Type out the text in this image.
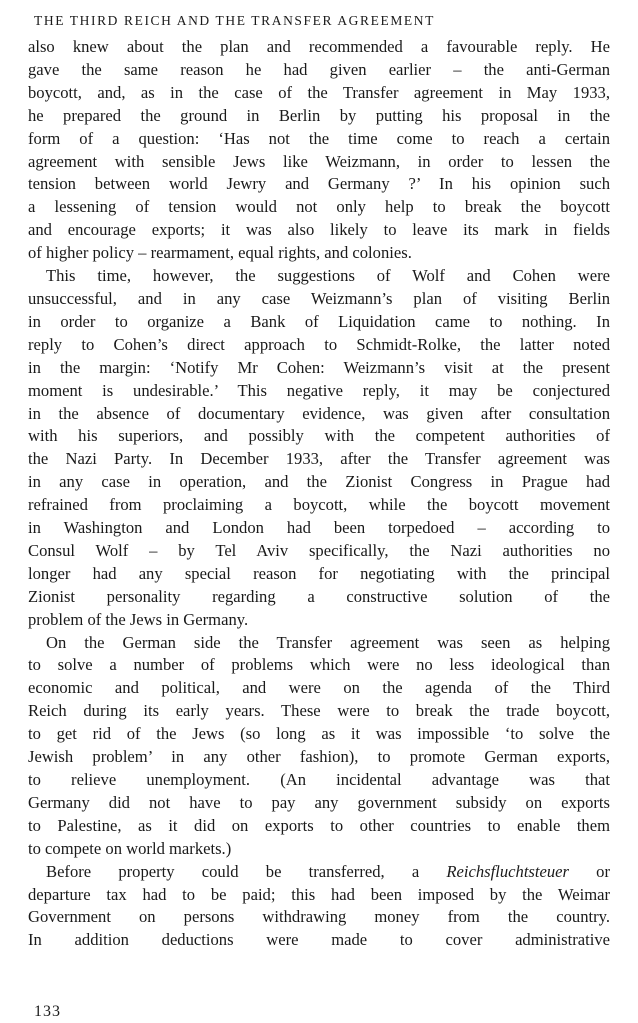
THE THIRD REICH AND THE TRANSFER AGREEMENT

also knew about the plan and recommended a favourable reply. He
gave the same reason he had given earlier – the anti-German
boycott, and, as in the case of the Transfer agreement in May 1933,
he prepared the ground in Berlin by putting his proposal in the
form of a question: ‘Has not the time come to reach a certain
agreement with sensible Jews like Weizmann, in order to lessen the
tension between world Jewry and Germany ?’ In his opinion such
a lessening of tension would not only help to break the boycott
and encourage exports; it was also likely to leave its mark in fields
of higher policy – rearmament, equal rights, and colonies.

This time, however, the suggestions of Wolf and Cohen were
unsuccessful, and in any case Weizmann’s plan of visiting Berlin
in order to organize a Bank of Liquidation came to nothing. In
reply to Cohen’s direct approach to Schmidt-Rolke, the latter noted
in the margin: ‘Notify Mr Cohen: Weizmann’s visit at the present
moment is undesirable.’ This negative reply, it may be conjectured
in the absence of documentary evidence, was given after consultation
with his superiors, and possibly with the competent authorities of
the Nazi Party. In December 1933, after the Transfer agreement was
in any case in operation, and the Zionist Congress in Prague had
refrained from proclaiming a boycott, while the boycott movement
in Washington and London had been torpedoed – according to
Consul Wolf – by Tel Aviv specifically, the Nazi authorities no
longer had any special reason for negotiating with the principal
Zionist personality regarding a constructive solution of the
problem of the Jews in Germany.

On the German side the Transfer agreement was seen as helping
to solve a number of problems which were no less ideological than
economic and political, and were on the agenda of the Third
Reich during its early years. These were to break the trade boycott,
to get rid of the Jews (so long as it was impossible ‘to solve the
Jewish problem’ in any other fashion), to promote German exports,
to relieve unemployment. (An incidental advantage was that
Germany did not have to pay any government subsidy on exports
to Palestine, as it did on exports to other countries to enable them
to compete on world markets.)

Before property could be transferred, a Reichsfluchtsteuer or
departure tax had to be paid; this had been imposed by the Weimar
Government on persons withdrawing money from the country.
In addition deductions were made to cover administrative

133
